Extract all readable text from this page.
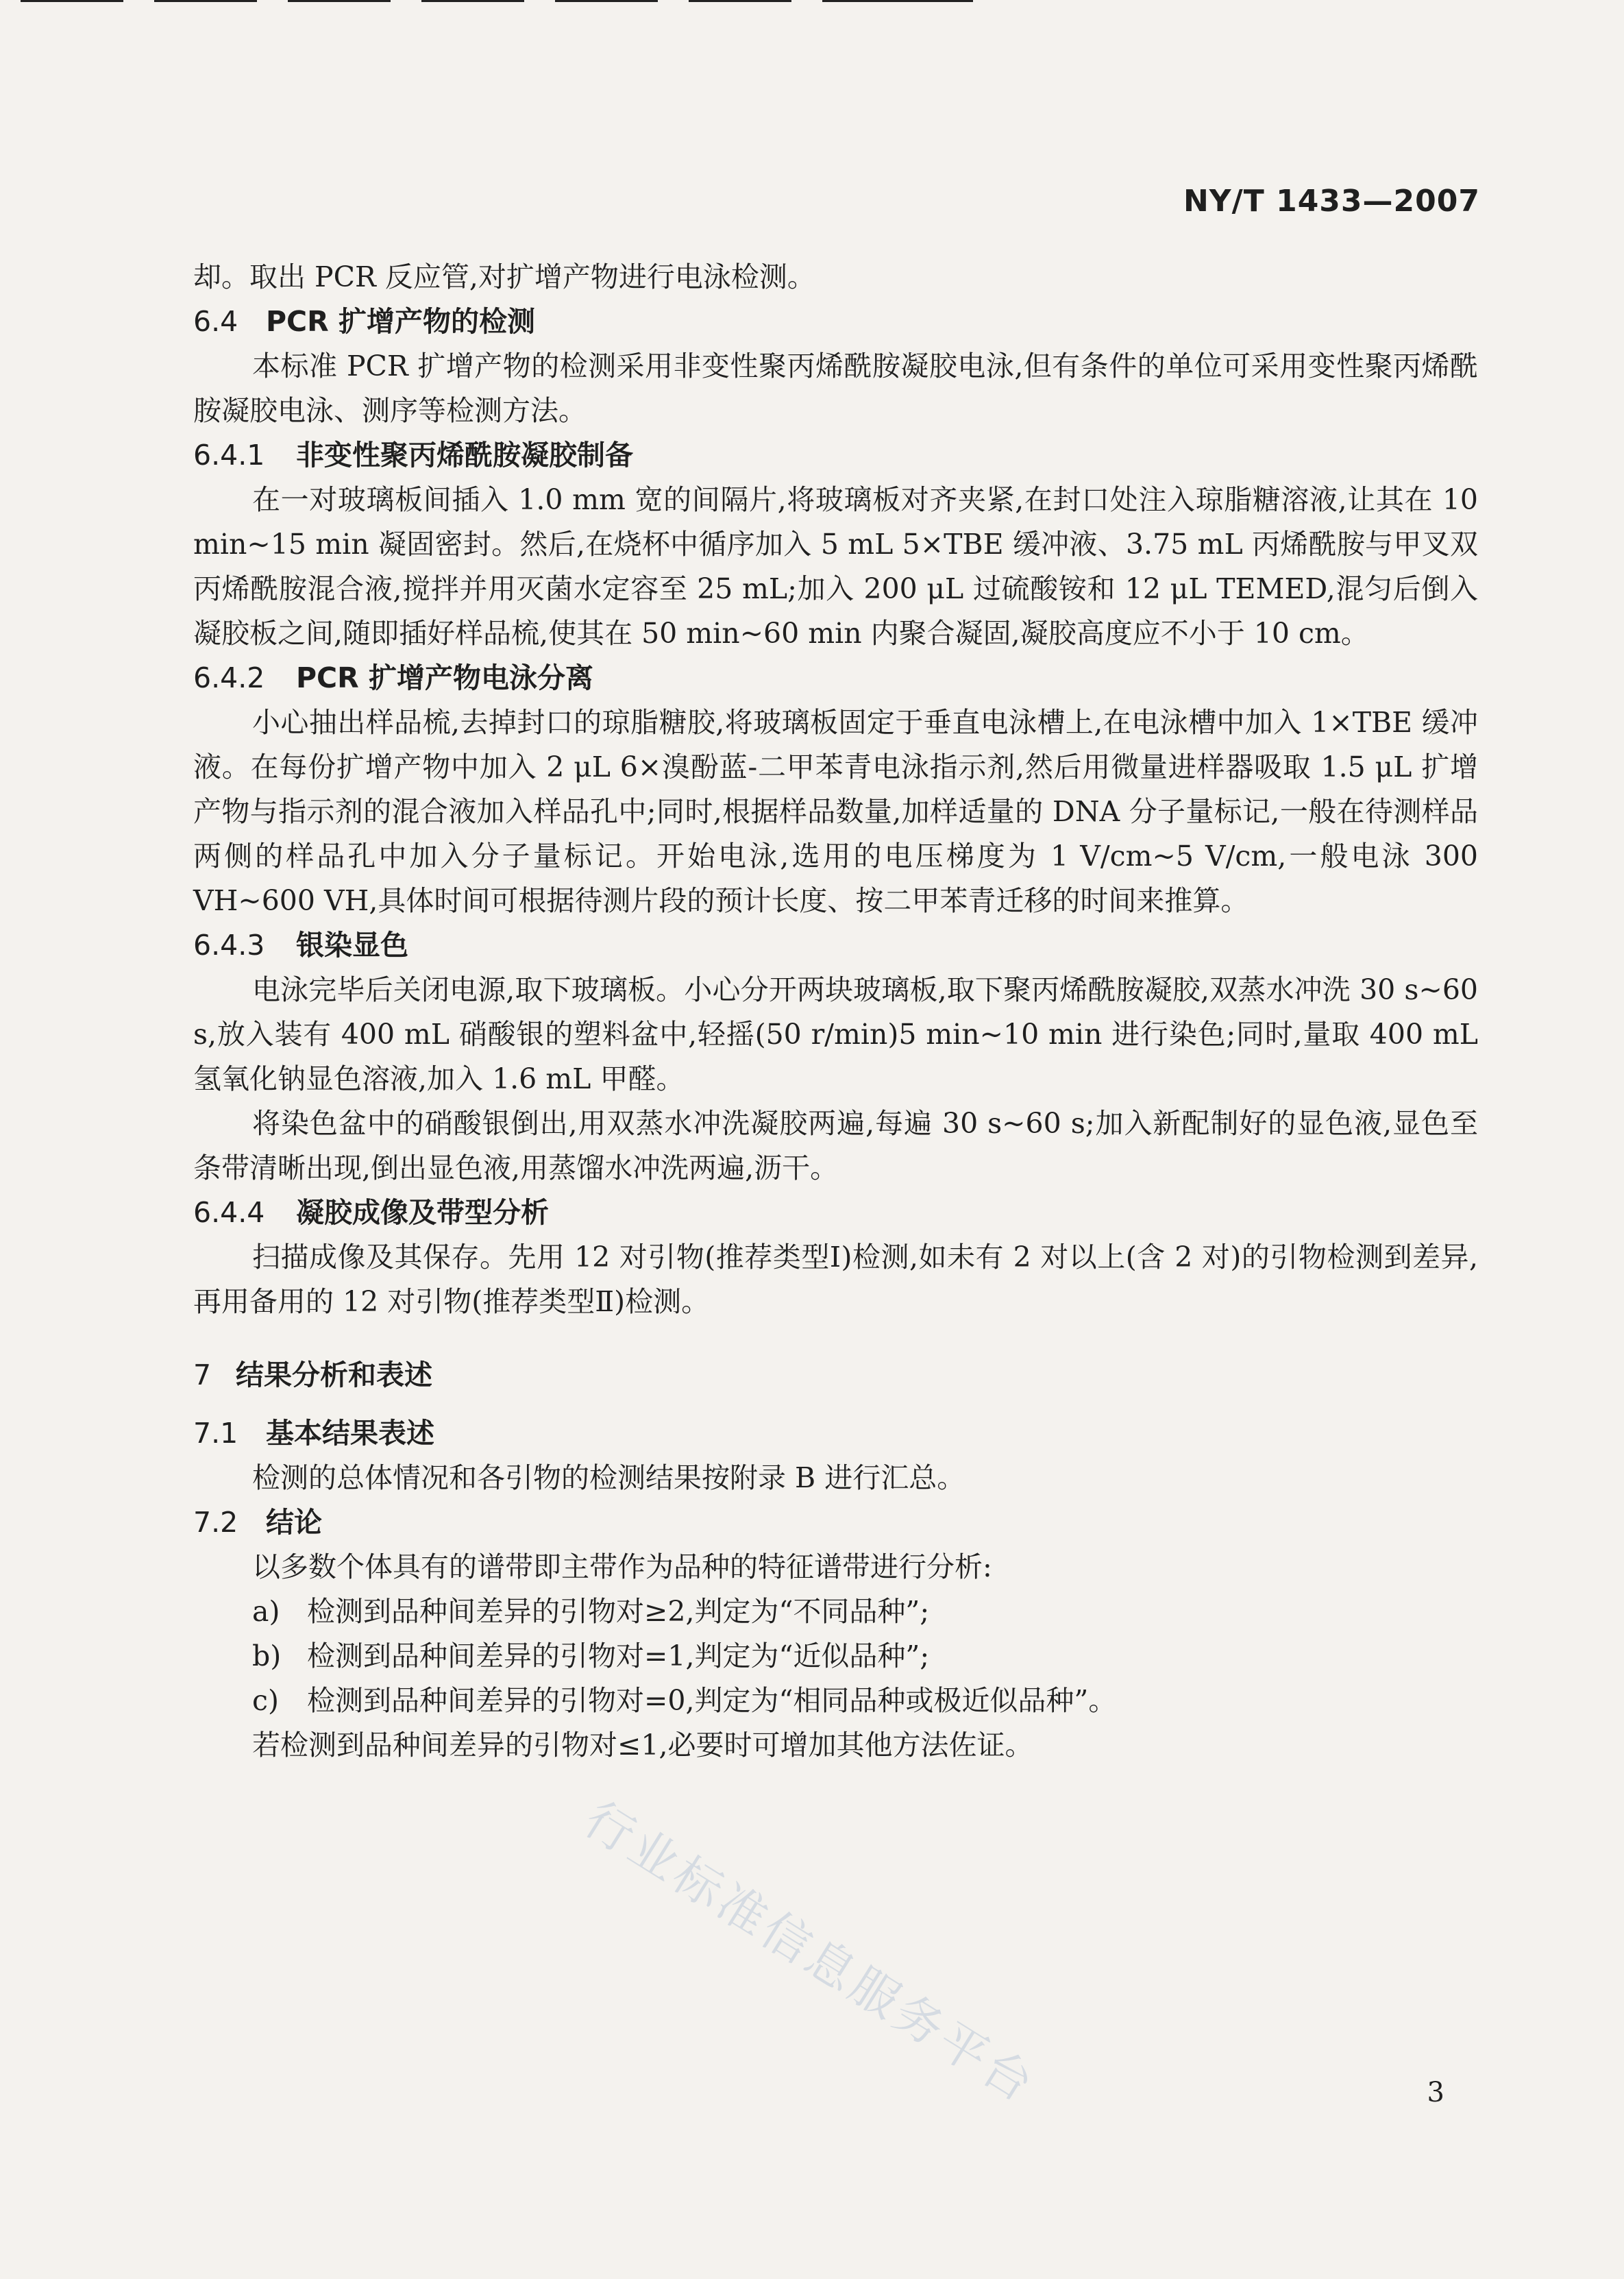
NY/T 1433—2007

却。取出 PCR 反应管,对扩增产物进行电泳检测。

6.4 PCR 扩增产物的检测

本标准 PCR 扩增产物的检测采用非变性聚丙烯酰胺凝胶电泳,但有条件的单位可采用变性聚丙烯酰胺凝胶电泳、测序等检测方法。

6.4.1 非变性聚丙烯酰胺凝胶制备

在一对玻璃板间插入 1.0 mm 宽的间隔片,将玻璃板对齐夹紧,在封口处注入琼脂糖溶液,让其在 10 min~15 min 凝固密封。然后,在烧杯中循序加入 5 mL 5×TBE 缓冲液、3.75 mL 丙烯酰胺与甲叉双丙烯酰胺混合液,搅拌并用灭菌水定容至 25 mL;加入 200 μL 过硫酸铵和 12 μL TEMED,混匀后倒入凝胶板之间,随即插好样品梳,使其在 50 min~60 min 内聚合凝固,凝胶高度应不小于 10 cm。

6.4.2 PCR 扩增产物电泳分离

小心抽出样品梳,去掉封口的琼脂糖胶,将玻璃板固定于垂直电泳槽上,在电泳槽中加入 1×TBE 缓冲液。在每份扩增产物中加入 2 μL 6×溴酚蓝-二甲苯青电泳指示剂,然后用微量进样器吸取 1.5 μL 扩增产物与指示剂的混合液加入样品孔中;同时,根据样品数量,加样适量的 DNA 分子量标记,一般在待测样品两侧的样品孔中加入分子量标记。开始电泳,选用的电压梯度为 1 V/cm~5 V/cm,一般电泳 300 VH~600 VH,具体时间可根据待测片段的预计长度、按二甲苯青迁移的时间来推算。

6.4.3 银染显色

电泳完毕后关闭电源,取下玻璃板。小心分开两块玻璃板,取下聚丙烯酰胺凝胶,双蒸水冲洗 30 s~60 s,放入装有 400 mL 硝酸银的塑料盆中,轻摇(50 r/min)5 min~10 min 进行染色;同时,量取 400 mL 氢氧化钠显色溶液,加入 1.6 mL 甲醛。

将染色盆中的硝酸银倒出,用双蒸水冲洗凝胶两遍,每遍 30 s~60 s;加入新配制好的显色液,显色至条带清晰出现,倒出显色液,用蒸馏水冲洗两遍,沥干。

6.4.4 凝胶成像及带型分析

扫描成像及其保存。先用 12 对引物(推荐类型Ⅰ)检测,如未有 2 对以上(含 2 对)的引物检测到差异,再用备用的 12 对引物(推荐类型Ⅱ)检测。

7 结果分析和表述
7.1 基本结果表述

检测的总体情况和各引物的检测结果按附录 B 进行汇总。

7.2 结论

以多数个体具有的谱带即主带作为品种的特征谱带进行分析:

a) 检测到品种间差异的引物对≥2,判定为“不同品种”;

b) 检测到品种间差异的引物对=1,判定为“近似品种”;

c) 检测到品种间差异的引物对=0,判定为“相同品种或极近似品种”。

若检测到品种间差异的引物对≤1,必要时可增加其他方法佐证。

行业标准信息服务平台	3
